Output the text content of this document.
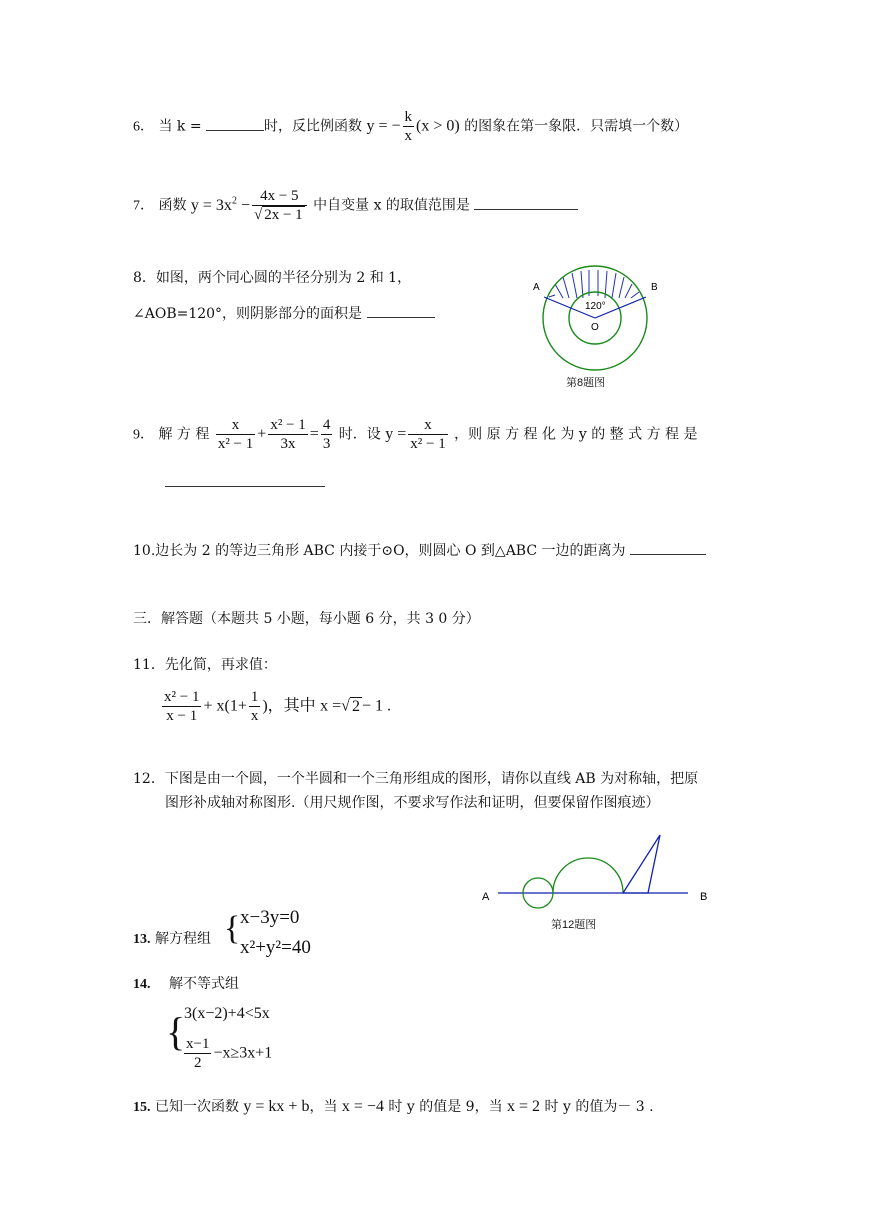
6． 当 k =	时，反比例函数 y = − $\frac{k}{x} (x > 0)$ 的图象在第一象限．只需填一个数）
7． 函数 $y = 3x^2 - \frac{4x - 5}{√ 2x - 1}$ 中自变量 x 的取值范围是
8．如图，两个同心圆的半径分别为 2 和 1，
∠AOB=120°，则阴影部分的面积是
A	B
O
120°
第8题图
9． 解 方 程 $\frac{x}{\text{x² − 1}} + \frac{\text{x² − 1}}{3x} = \frac{4}{3}$ 时．设 $y = \frac{x}{\text{x² − 1}}$ ，则 原 方 程 化 为 y 的 整 式 方 程 是
10.边长为 2 的等边三角形 ABC 内接于⊙O，则圆心 O 到△ABC 一边的距离为
三．解答题（本题共 5 小题，每小题 6 分，共 3 0 分）
11．先化简，再求值：
$\frac{\text{x² − 1}}{x - 1} + x(1+ \frac{1}{x}$ )，其中 x =√ 2 − 1 .
12．下图是由一个圆，一个半圆和一个三角形组成的图形，请你以直线 AB 为对称轴，把原
图形补成轴对称图形.（用尺规作图，不要求写作法和证明，但要保留作图痕迹）
A	B
第12题图
13. 解方程组 { x−3y=0
x²+y²=40
14. 解不等式组
{
3(x−2)+4<5x
$\frac{x-1}{2} -x\ge 3x+1$
15. 已知一次函数 y = kx + b，当 x = −4 时 y 的值是 9，当 x = 2 时 y 的值为－ 3 .
